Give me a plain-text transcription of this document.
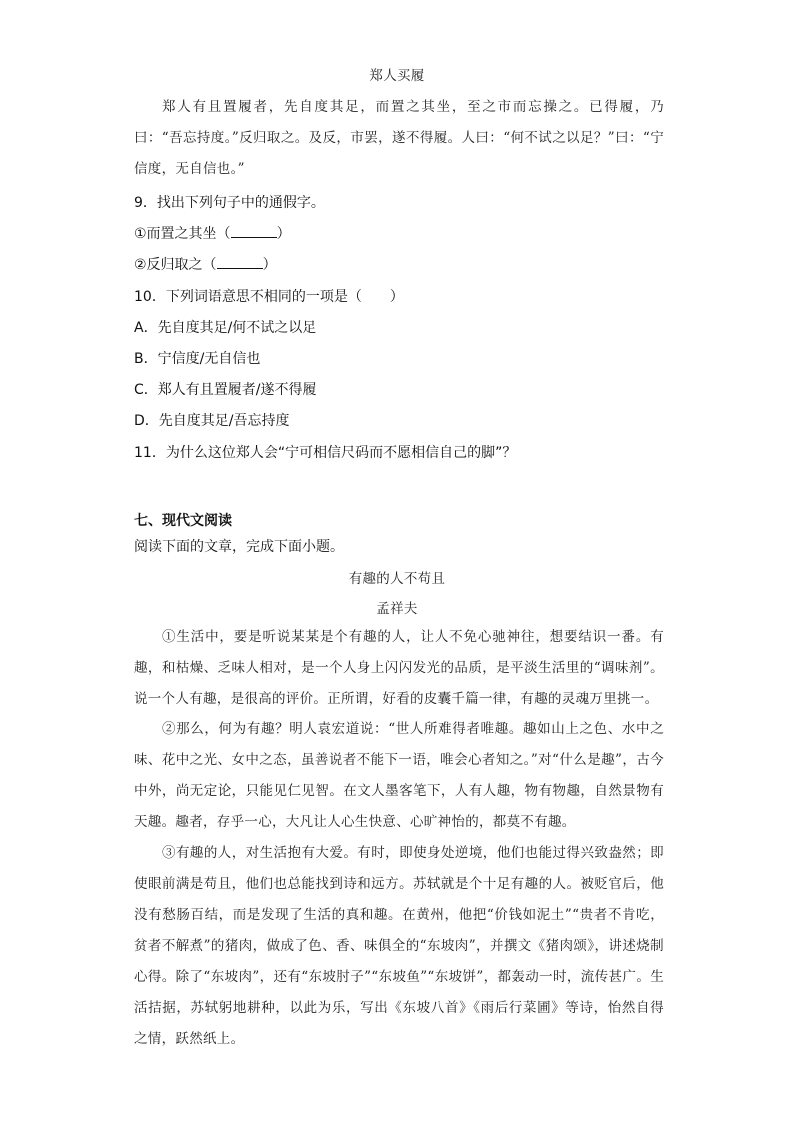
郑人买履
郑人有且置履者，先自度其足，而置之其坐，至之市而忘操之。已得履，乃曰：“吾忘持度。”反归取之。及反，市罢，遂不得履。人曰：“何不试之以足？”曰：“宁信度，无自信也。”
9．找出下列句子中的通假字。
①而置之其坐（	）
②反归取之（	）
10．下列词语意思不相同的一项是（　　）
A．先自度其足/何不试之以足
B．宁信度/无自信也
C．郑人有且置履者/遂不得履
D．先自度其足/吾忘持度
11．为什么这位郑人会“宁可相信尺码而不愿相信自己的脚”？
七、现代文阅读
阅读下面的文章，完成下面小题。
有趣的人不苟且
孟祥夫
①生活中，要是听说某某是个有趣的人，让人不免心驰神往，想要结识一番。有趣，和枯燥、乏味人相对，是一个人身上闪闪发光的品质，是平淡生活里的“调味剂”。说一个人有趣，是很高的评价。正所谓，好看的皮囊千篇一律，有趣的灵魂万里挑一。
②那么，何为有趣？明人袁宏道说：“世人所难得者唯趣。趣如山上之色、水中之味、花中之光、女中之态，虽善说者不能下一语，唯会心者知之。”对“什么是趣”，古今中外，尚无定论，只能见仁见智。在文人墨客笔下，人有人趣，物有物趣，自然景物有天趣。趣者，存乎一心，大凡让人心生快意、心旷神怡的，都莫不有趣。
③有趣的人，对生活抱有大爱。有时，即使身处逆境，他们也能过得兴致盎然；即使眼前满是苟且，他们也总能找到诗和远方。苏轼就是个十足有趣的人。被贬官后，他没有愁肠百结，而是发现了生活的真和趣。在黄州，他把“价钱如泥土”“贵者不肯吃，贫者不解煮”的猪肉，做成了色、香、味俱全的“东坡肉”，并撰文《猪肉颂》，讲述烧制心得。除了“东坡肉”，还有“东坡肘子”“东坡鱼”“东坡饼”，都轰动一时，流传甚广。生活拮据，苏轼躬地耕种，以此为乐，写出《东坡八首》《雨后行菜圃》等诗，怡然自得之情，跃然纸上。
